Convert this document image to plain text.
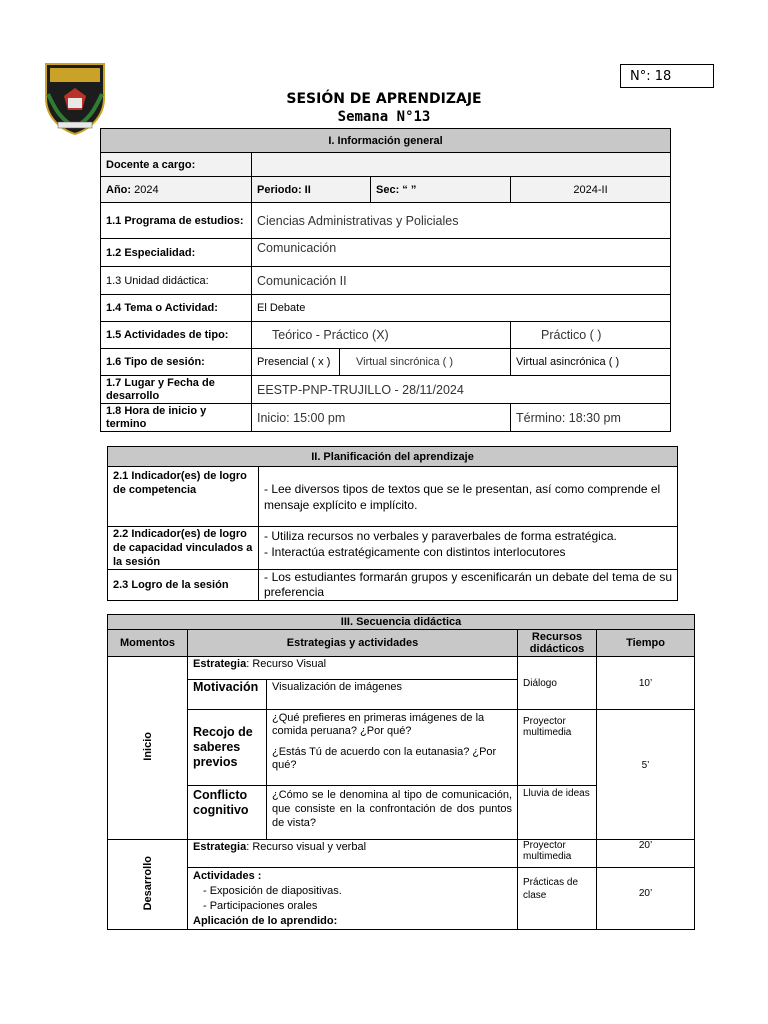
N°: 18
SESIÓN DE APRENDIZAJE
Semana N°13
I. Información general				
Docente a cargo:				
Año: 2024	Periodo: II		Sec: “ ”	2024-II
1.1 Programa de estudios:	Ciencias Administrativas y Policiales			
1.2 Especialidad:	Comunicación			
1.3 Unidad didáctica:	Comunicación II			
1.4 Tema o Actividad:	El Debate			
1.5 Actividades de tipo:	Teórico - Práctico (X)			Práctico ( )
1.6 Tipo de sesión:	Presencial ( x )	Virtual sincrónica ( )		Virtual asincrónica ( )
1.7 Lugar y Fecha de desarrollo	EESTP-PNP-TRUJILLO - 28/11/2024			
1.8 Hora de inicio y termino	Inicio: 15:00 pm			Término: 18:30 pm
II. Planificación del aprendizaje	
2.1 Indicador(es) de logro de competencia	- Lee diversos tipos de textos que se le presentan, así como comprende el mensaje explícito e implícito.
2.2 Indicador(es) de logro de capacidad vinculados a la sesión	- Utiliza recursos no verbales y paraverbales de forma estratégica.
- Interactúa estratégicamente con distintos interlocutores

2.3 Logro de la sesión	- Los estudiantes formarán grupos y escenificarán un debate del tema de su preferencia
III. Secuencia didáctica				
Momentos	Estrategias y actividades		Recursos didácticos	Tiempo
Inicio	Estrategia: Recurso Visual		Diálogo	10’
	Motivación	Visualización de imágenes		
	Recojo de saberes previos	¿Qué prefieres en primeras imágenes de la comida peruana? ¿Por qué?
¿Estás Tú de acuerdo con la eutanasia? ¿Por qué?	Proyector multimedia	5’
	Conflicto cognitivo	¿Cómo se le denomina al tipo de comunicación, que consiste en la confrontación de dos puntos de vista?	Lluvia de ideas	
Desarrollo	Estrategia: Recurso visual y verbal		Proyector multimedia	20’

	Actividades :
- Exposición de diapositivas.
- Participaciones orales
Aplicación de lo aprendido:		Prácticas de clase	20’
